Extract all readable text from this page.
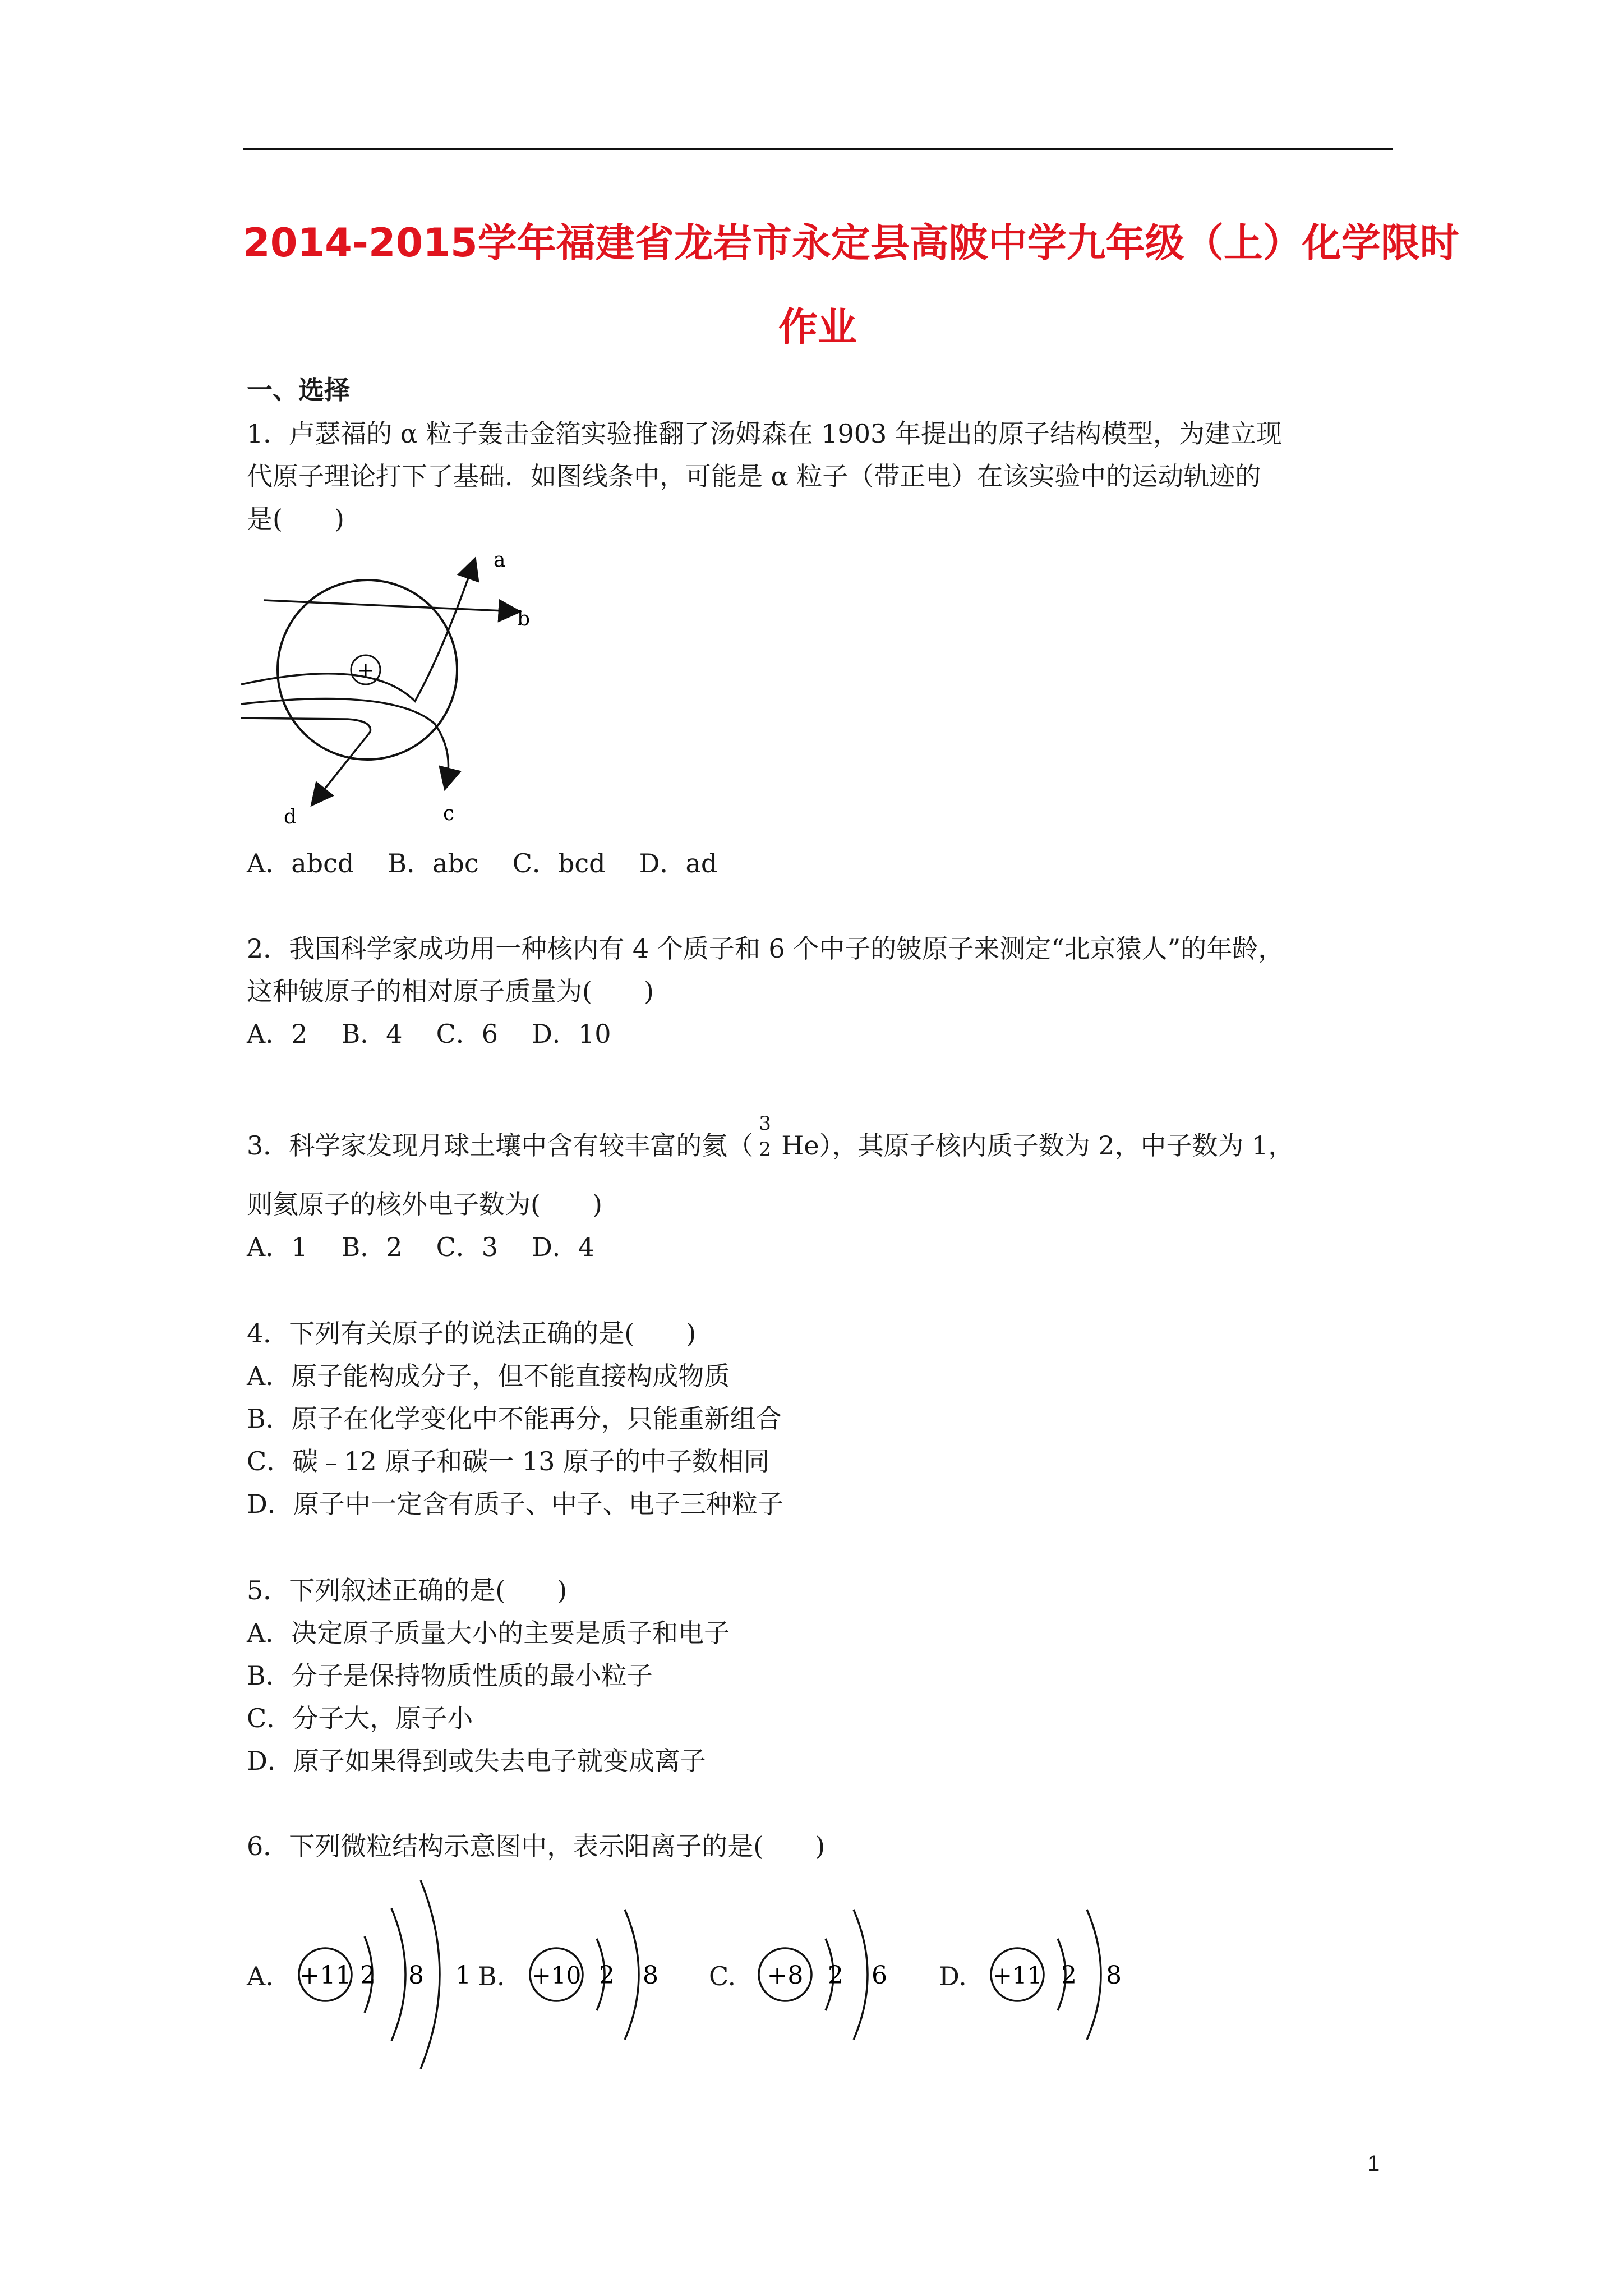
2014-2015学年福建省龙岩市永定县高陂中学九年级（上）化学限时
作业
一、选择
1．卢瑟福的 α 粒子轰击金箔实验推翻了汤姆森在 1903 年提出的原子结构模型，为建立现
代原子理论打下了基础．如图线条中，可能是 α 粒子（带正电）在该实验中的运动轨迹的
是(　　)
+
a
b
c
d
A．abcd B．abc C．bcd D．ad
2．我国科学家成功用一种核内有 4 个质子和 6 个中子的铍原子来测定“北京猿人”的年龄，
这种铍原子的相对原子质量为(　　)
A．2 B．4 C．6 D．10
3．科学家发现月球土壤中含有较丰富的氦（
3
2 He），其原子核内质子数为 2，中子数为 1，
则氦原子的核外电子数为(　　)
A．1 B．2 C．3 D．4
4．下列有关原子的说法正确的是(　　)
A．原子能构成分子，但不能直接构成物质
B．原子在化学变化中不能再分，只能重新组合
C．碳﹣12 原子和碳一 13 原子的中子数相同
D．原子中一定含有质子、中子、电子三种粒子
5．下列叙述正确的是(　　)
A．决定原子质量大小的主要是质子和电子
B．分子是保持物质性质的最小粒子
C．分子大，原子小
D．原子如果得到或失去电子就变成离子
6．下列微粒结构示意图中，表示阳离子的是(　　)
A. +11 2 8 1 B. +10 2 8 C. +8 2 6 D. +11 2 8
1
